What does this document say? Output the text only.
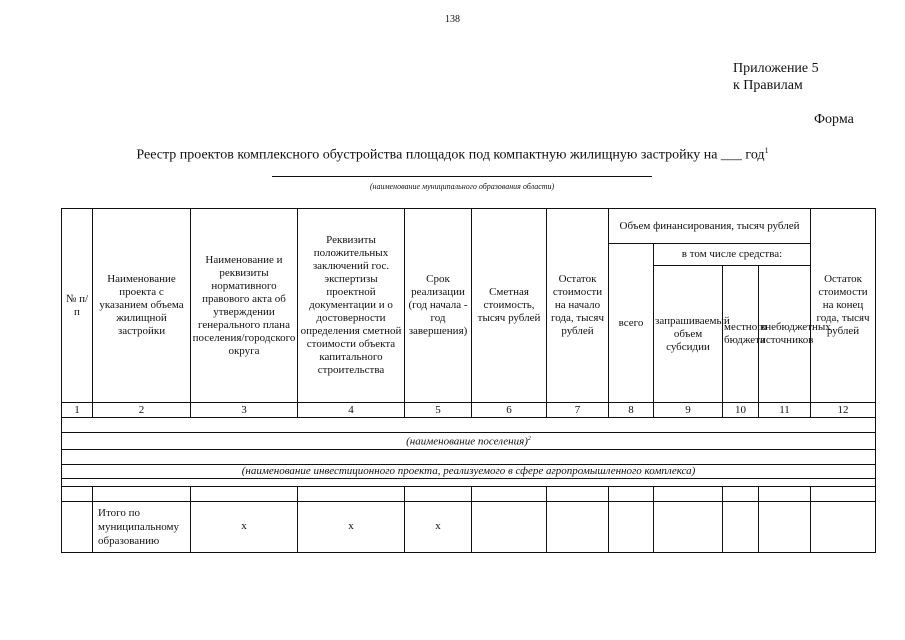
138
Приложение 5
к Правилам
Форма
Реестр проектов комплексного обустройства площадок под компактную жилищную застройку на ___ год$^1$
(наименование муниципального образования области)
№ п/п	Наименование проекта с указанием объема жилищной застройки	Наименование и реквизиты нормативного правового акта об утверждении генерального плана поселения/городского округа	Реквизиты положительных заключений гос. экспертизы проектной документации и о достоверности определения сметной стоимости объекта капитального строительства	Срок реализации (год начала - год завершения)	Сметная стоимость, тысяч рублей	Остаток стоимости на начало года, тысяч рублей	Объем финансирования, тысяч рублей				Остаток стоимости на конец года, тысяч рублей
							всего	в том числе средства:			
								запрашиваемый объем субсидии	местного бюджета	внебюджетных источников	
1	2	3	4	5	6	7	8	9	10	11	12

(наименование поселения)$^2$

(наименование инвестиционного проекта, реализуемого в сфере агропромышленного комплекса)											

	Итого по муниципальному образованию	x	x	x							
